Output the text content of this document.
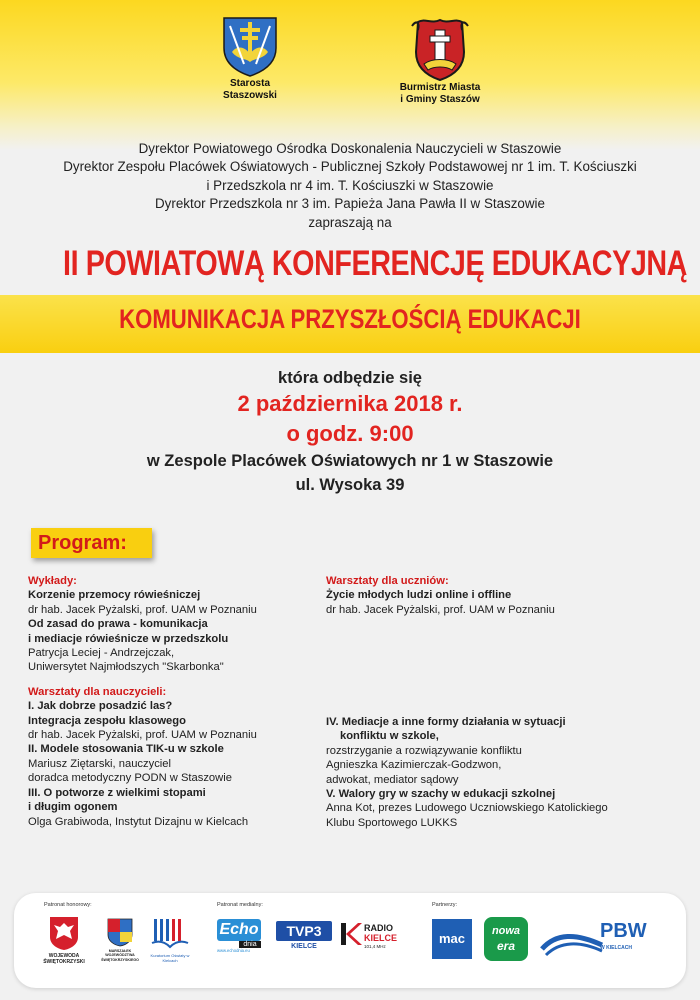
Starosta
Staszowski
Burmistrz Miasta
i Gminy Staszów
Dyrektor Powiatowego Ośrodka Doskonalenia Nauczycieli w Staszowie
Dyrektor Zespołu Placówek Oświatowych - Publicznej Szkoły Podstawowej nr 1 im. T. Kościuszki
i Przedszkola nr 4 im. T. Kościuszki w Staszowie
Dyrektor Przedszkola nr 3 im. Papieża Jana Pawła II w Staszowie
zapraszają na
II POWIATOWĄ KONFERENCJĘ EDUKACYJNĄ
KOMUNIKACJA PRZYSZŁOŚCIĄ EDUKACJI
która odbędzie się
2 października 2018 r.
o godz. 9:00
w Zespole Placówek Oświatowych nr 1 w Staszowie
ul. Wysoka 39
Program:
Wykłady:
Korzenie przemocy rówieśniczej
dr hab. Jacek Pyżalski, prof. UAM w Poznaniu
Od zasad do prawa - komunikacja
i mediacje rówieśnicze w przedszkolu
Patrycja Leciej - Andrzejczak,
Uniwersytet Najmłodszych "Skarbonka"
Warsztaty dla nauczycieli:
I. Jak dobrze posadzić las?
Integracja zespołu klasowego
dr hab. Jacek Pyżalski, prof. UAM w Poznaniu
II. Modele stosowania TIK-u w szkole
Mariusz Ziętarski, nauczyciel
doradca metodyczny PODN w Staszowie
III. O potworze z wielkimi stopami
i długim ogonem
Olga Grabiwoda, Instytut Dizajnu w Kielcach
Warsztaty dla uczniów:
Życie młodych ludzi online i offline
dr hab. Jacek Pyżalski, prof. UAM w Poznaniu
IV. Mediacje a inne formy działania w sytuacji
konfliktu w szkole,
rozstrzyganie a rozwiązywanie konfliktu
Agnieszka Kazimierczak-Godzwon,
adwokat, mediator sądowy
V. Walory gry w szachy w edukacji szkolnej
Anna Kot, prezes Ludowego Uczniowskiego Katolickiego
Klubu Sportowego LUKKS
Patronat honorowy:	Patronat medialny:	Partnerzy:
WOJEWODA ŚWIĘTOKRZYSKI
MARSZAŁEK WOJEWÓDZTWA ŚWIĘTOKRZYSKIEGO
Kuratorium Oświaty w Kielcach
Echo
dnia
www.echodnia.eu
TVP3
KIELCE
RADIO
KIELCE
101,4 MHz
mac	nowa
era
PBW
W KIELCACH
